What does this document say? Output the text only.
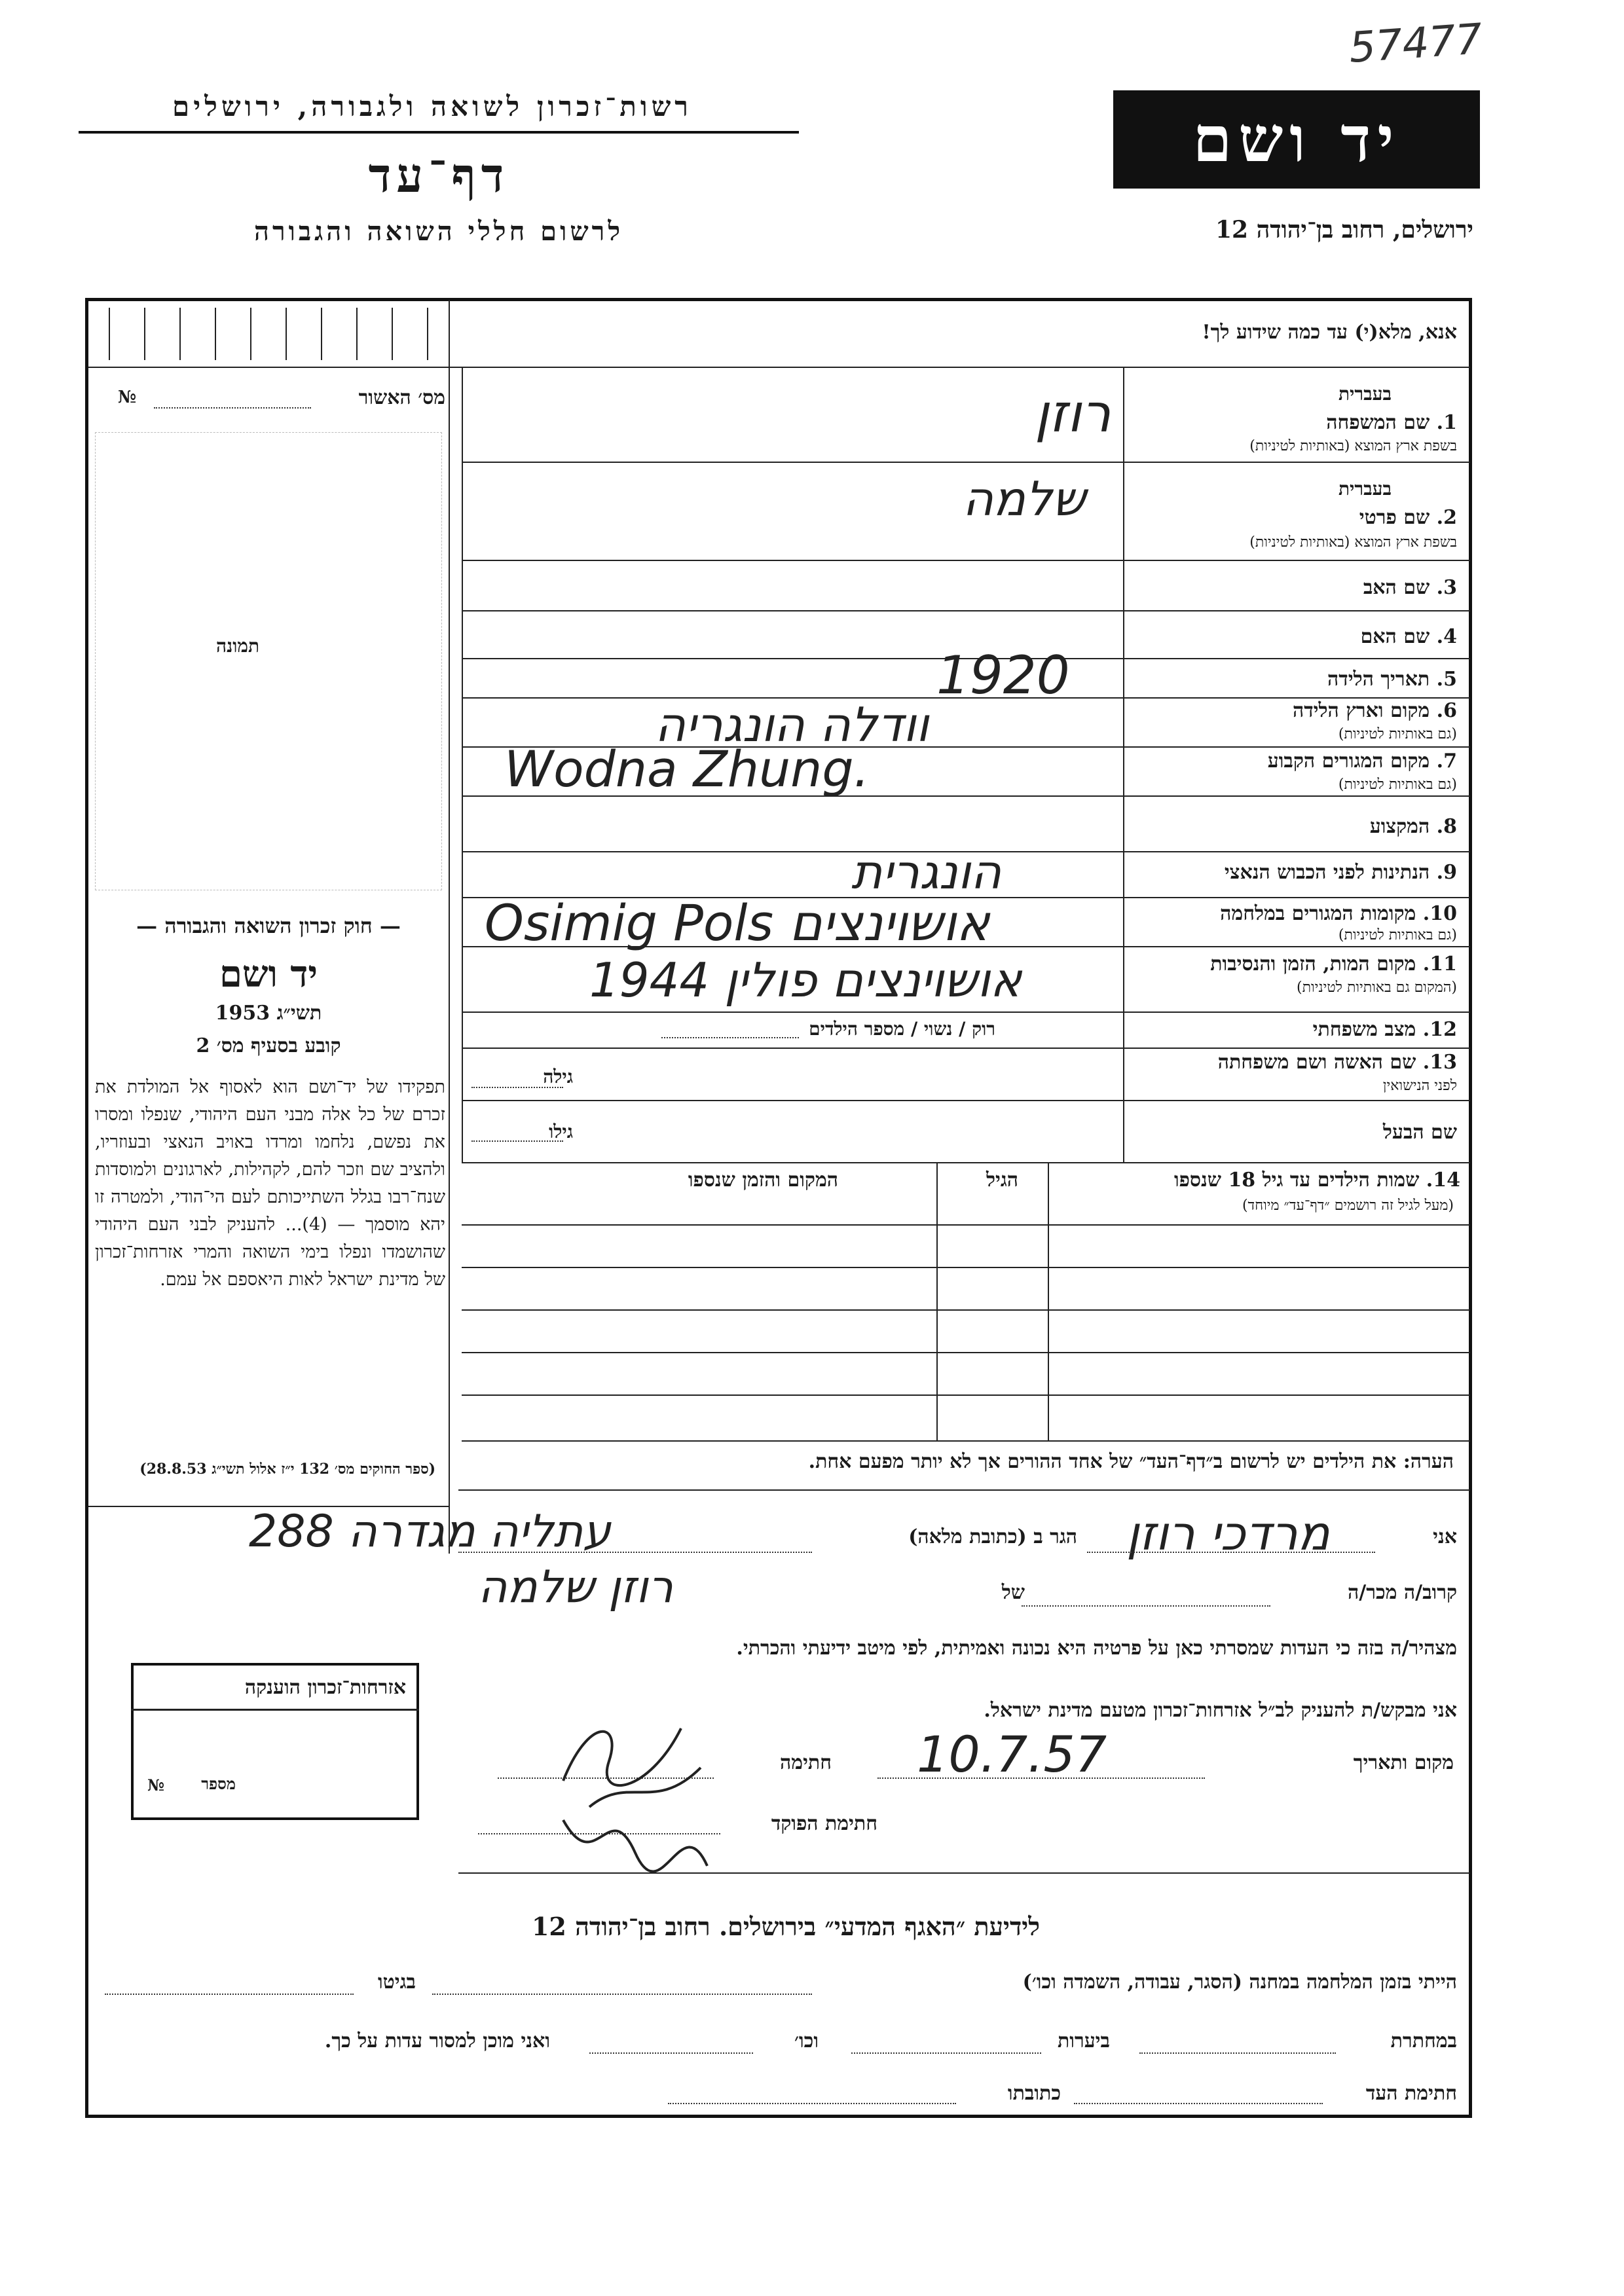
57477
רשות־זכרון לשואה ולגבורה, ירושלים
דף־עד
לרשום חללי השואה והגבורה
יד ושם
ירושלים, רחוב בן־יהודה 12
אנא, מלא(י) עד כמה שידוע לך!
מס׳ האשור
№
תמונה
— חוק זכרון השואה והגבורה —
יד ושם
תשי״ג 1953
קובע בסעיף מס׳ 2
תפקידו של יד־ושם הוא לאסוף אל המולדת את זכרם של כל אלה מבני העם היהודי, שנפלו ומסרו את נפשם, נלחמו ומרדו באויב הנאצי ובעוזריו, ולהציב שם וזכר להם, לקהילות, לארגונים ולמוסדות שנח־רבו בגלל השתייכותם לעם הי־הודי, ולמטרה זו יהא מוסמך — (4)... להעניק לבני העם היהודי שהושמדו ונפלו בימי השואה והמרי אזרחות־זכרון של מדינת ישראל לאות היאספם אל עמם.
(ספר החוקים מס׳ 132 י״ז אלול תשי״ג 28.8.53)
בעברית
1. שם המשפחה
בשפת ארץ המוצא (באותיות לטיניות)
רוזן
בעברית
2. שם פרטי
בשפת ארץ המוצא (באותיות לטיניות)
שלמה
3. שם האב
4. שם האם
5. תאריך הלידה
1920
6. מקום וארץ הלידה
(גם באותיות לטיניות)
וודלה הונגריה
7. מקום המגורים הקבוע
(גם באותיות לטיניות)
Wodna Zhung.
8. המקצוע
9. הנתינות לפני הכבוש הנאצי
הונגרית
10. מקומות המגורים במלחמה
(גם באותיות לטיניות)
Osimig Pols אושוינצים
11. מקום המות, הזמן והנסיבות
(המקום גם באותיות לטיניות)
אושוינצים פולין 1944
12. מצב משפחתי
רוק / נשוי / מספר הילדים
13. שם האשה ושם משפחתה
לפני הנישואין
גילה
שם הבעל
גילו
14. שמות הילדים עד גיל 18 שנספו
(מעל לגיל זה רושמים ״דף־עד״ מיוחד)
הגיל
המקום והזמן שנספו
הערה: את הילדים יש לרשום ב״דף־העד״ של אחד ההורים אך לא יותר מפעם אחת.
אני
מרדכי רוזן
הגר ב (כתובת מלאה)
עתליה מגדרה 288
קרוב/ה מכר/ה
של
רוזן שלמה
מצהיר/ה בזה כי העדות שמסרתי כאן על פרטיה היא נכונה ואמיתית, לפי מיטב ידיעתי והכרתי.
אני מבקש/ת להעניק לב״ל אזרחות־זכרון מטעם מדינת ישראל.
מקום ותאריך
10.7.57
חתימה
חתימת הפוקד
אזרחות־זכרון הוענקה
מספר
№
לידיעת ״האגף המדעי״ בירושלים. רחוב בן־יהודה 12
הייתי בזמן המלחמה במחנה (הסגר, עבודה, השמדה וכו׳)
בגיטו
במחתרת
ביערות
וכו׳
ואני מוכן למסור עדות על כך.
חתימת העד
כתובתו
